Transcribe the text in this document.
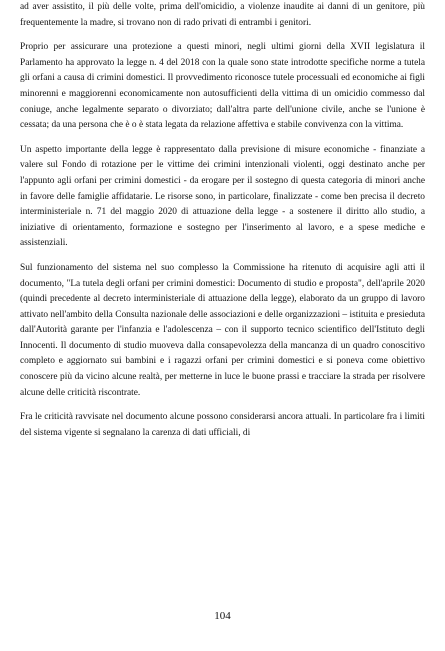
ad aver assistito, il più delle volte, prima dell'omicidio, a violenze inaudite ai danni di un genitore, più frequentemente la madre, si trovano non di rado privati di entrambi i genitori.

Proprio per assicurare una protezione a questi minori, negli ultimi giorni della XVII legislatura il Parlamento ha approvato la legge n. 4 del 2018 con la quale sono state introdotte specifiche norme a tutela gli orfani a causa di crimini domestici. Il provvedimento riconosce tutele processuali ed economiche ai figli minorenni e maggiorenni economicamente non autosufficienti della vittima di un omicidio commesso dal coniuge, anche legalmente separato o divorziato; dall'altra parte dell'unione civile, anche se l'unione è cessata; da una persona che è o è stata legata da relazione affettiva e stabile convivenza con la vittima.

Un aspetto importante della legge è rappresentato dalla previsione di misure economiche - finanziate a valere sul Fondo di rotazione per le vittime dei crimini intenzionali violenti, oggi destinato anche per l'appunto agli orfani per crimini domestici - da erogare per il sostegno di questa categoria di minori anche in favore delle famiglie affidatarie. Le risorse sono, in particolare, finalizzate - come ben precisa il decreto interministeriale n. 71 del maggio 2020 di attuazione della legge - a sostenere il diritto allo studio, a iniziative di orientamento, formazione e sostegno per l'inserimento al lavoro, e a spese mediche e assistenziali.

Sul funzionamento del sistema nel suo complesso la Commissione ha ritenuto di acquisire agli atti il documento, "La tutela degli orfani per crimini domestici: Documento di studio e proposta", dell'aprile 2020 (quindi precedente al decreto interministeriale di attuazione della legge), elaborato da un gruppo di lavoro attivato nell'ambito della Consulta nazionale delle associazioni e delle organizzazioni – istituita e presieduta dall'Autorità garante per l'infanzia e l'adolescenza – con il supporto tecnico scientifico dell'Istituto degli Innocenti. Il documento di studio muoveva dalla consapevolezza della mancanza di un quadro conoscitivo completo e aggiornato sui bambini e i ragazzi orfani per crimini domestici e si poneva come obiettivo conoscere più da vicino alcune realtà, per metterne in luce le buone prassi e tracciare la strada per risolvere alcune delle criticità riscontrate.

Fra le criticità ravvisate nel documento alcune possono considerarsi ancora attuali. In particolare fra i limiti del sistema vigente si segnalano la carenza di dati ufficiali, di

104
